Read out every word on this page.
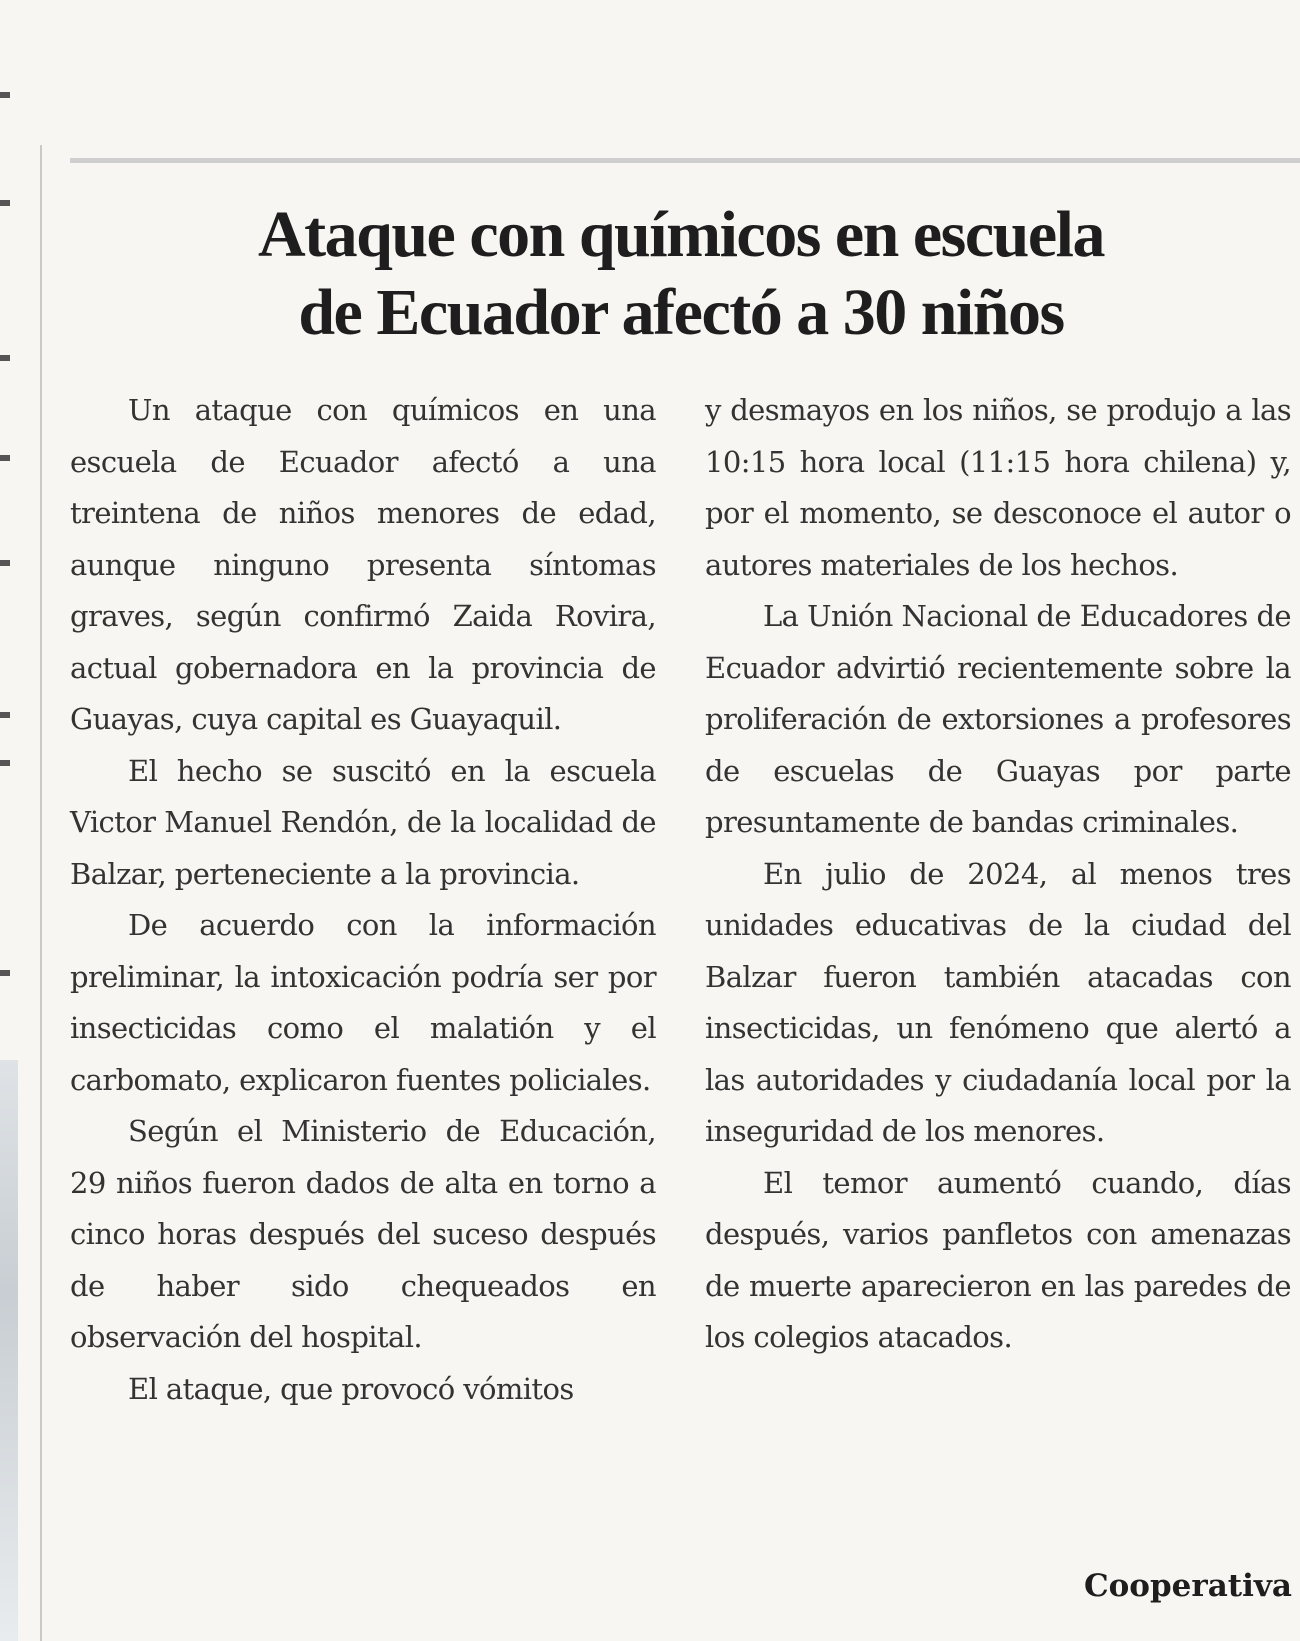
Ataque con químicos en escuela
de Ecuador afectó a 30 niños

Un ataque con químicos en una escuela de Ecuador afectó a una treintena de niños menores de edad, aunque ninguno presenta síntomas graves, según confirmó Zaida Rovira, actual gobernadora en la provincia de Guayas, cuya capital es Guayaquil.

El hecho se suscitó en la escuela Victor Manuel Rendón, de la localidad de Balzar, perteneciente a la provincia.

De acuerdo con la información preliminar, la intoxicación podría ser por insecticidas como el malatión y el carbomato, explicaron fuentes policiales.

Según el Ministerio de Educación, 29 niños fueron dados de alta en torno a cinco horas después del suceso después de haber sido chequeados en observación del hospital.

El ataque, que provocó vómitos

y desmayos en los niños, se produjo a las 10:15 hora local (11:15 hora chilena) y, por el momento, se desconoce el autor o autores materiales de los hechos.

La Unión Nacional de Educadores de Ecuador advirtió recientemente sobre la proliferación de extorsiones a profesores de escuelas de Guayas por parte presuntamente de bandas criminales.

En julio de 2024, al menos tres unidades educativas de la ciudad del Balzar fueron también atacadas con insecticidas, un fenómeno que alertó a las autoridades y ciudadanía local por la inseguridad de los menores.

El temor aumentó cuando, días después, varios panfletos con amenazas de muerte aparecieron en las paredes de los colegios atacados.

Cooperativa
